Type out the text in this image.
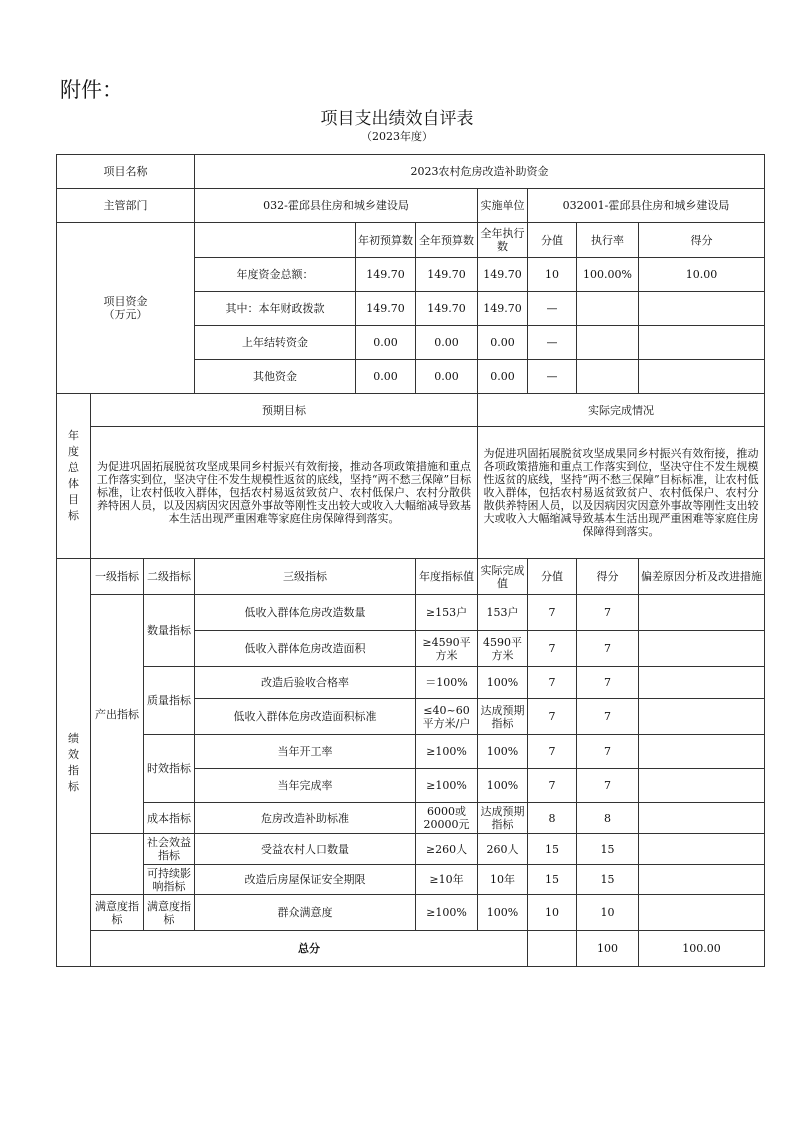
附件：
项目支出绩效自评表
（2023年度）
项目名称			2023农村危房改造补助资金							
主管部门			032-霍邱县住房和城乡建设局			实施单位	032001-霍邱县住房和城乡建设局			
项目资金
（万元）				年初预算数	全年预算数	全年执行数	分值	执行率	得分	
			年度资金总额：	149.70	149.70	149.70	10	100.00%	10.00	
			其中：本年财政拨款	149.70	149.70	149.70	—			
			上年结转资金	0.00	0.00	0.00	—			
			其他资金	0.00	0.00	0.00	—			
年度总体目标	预期目标					实际完成情况				
	为促进巩固拓展脱贫攻坚成果同乡村振兴有效衔接，推动各项政策措施和重点工作落实到位，坚决守住不发生规模性返贫的底线，坚持“两不愁三保障”目标标准，让农村低收入群体，包括农村易返贫致贫户、农村低保户、农村分散供养特困人员，以及因病因灾因意外事故等刚性支出较大或收入大幅缩减导致基本生活出现严重困难等家庭住房保障得到落实。					为促进巩固拓展脱贫攻坚成果同乡村振兴有效衔接，推动各项政策措施和重点工作落实到位，坚决守住不发生规模性返贫的底线，坚持“两不愁三保障”目标标准，让农村低收入群体，包括农村易返贫致贫户、农村低保户、农村分散供养特困人员，以及因病因灾因意外事故等刚性支出较大或收入大幅缩减导致基本生活出现严重困难等家庭住房保障得到落实。				
绩效指标	一级指标	二级指标	三级指标		年度指标值	实际完成值	分值	得分	偏差原因分析及改进措施	
	产出指标	数量指标	低收入群体危房改造数量		≥153户	153户	7	7		
			低收入群体危房改造面积		≥4590平方米	4590平方米	7	7		
		质量指标	改造后验收合格率		＝100%	100%	7	7		
			低收入群体危房改造面积标准		≤40~60平方米/户	达成预期指标	7	7		
		时效指标	当年开工率		≥100%	100%	7	7		
			当年完成率		≥100%	100%	7	7		
		成本指标	危房改造补助标准		6000或20000元	达成预期指标	8	8		
		社会效益指标	受益农村人口数量		≥260人	260人	15	15		
		可持续影响指标	改造后房屋保证安全期限		≥10年	10年	15	15		
	满意度指标	满意度指标	群众满意度		≥100%	100%	10	10		
	总分							100	100.00	
